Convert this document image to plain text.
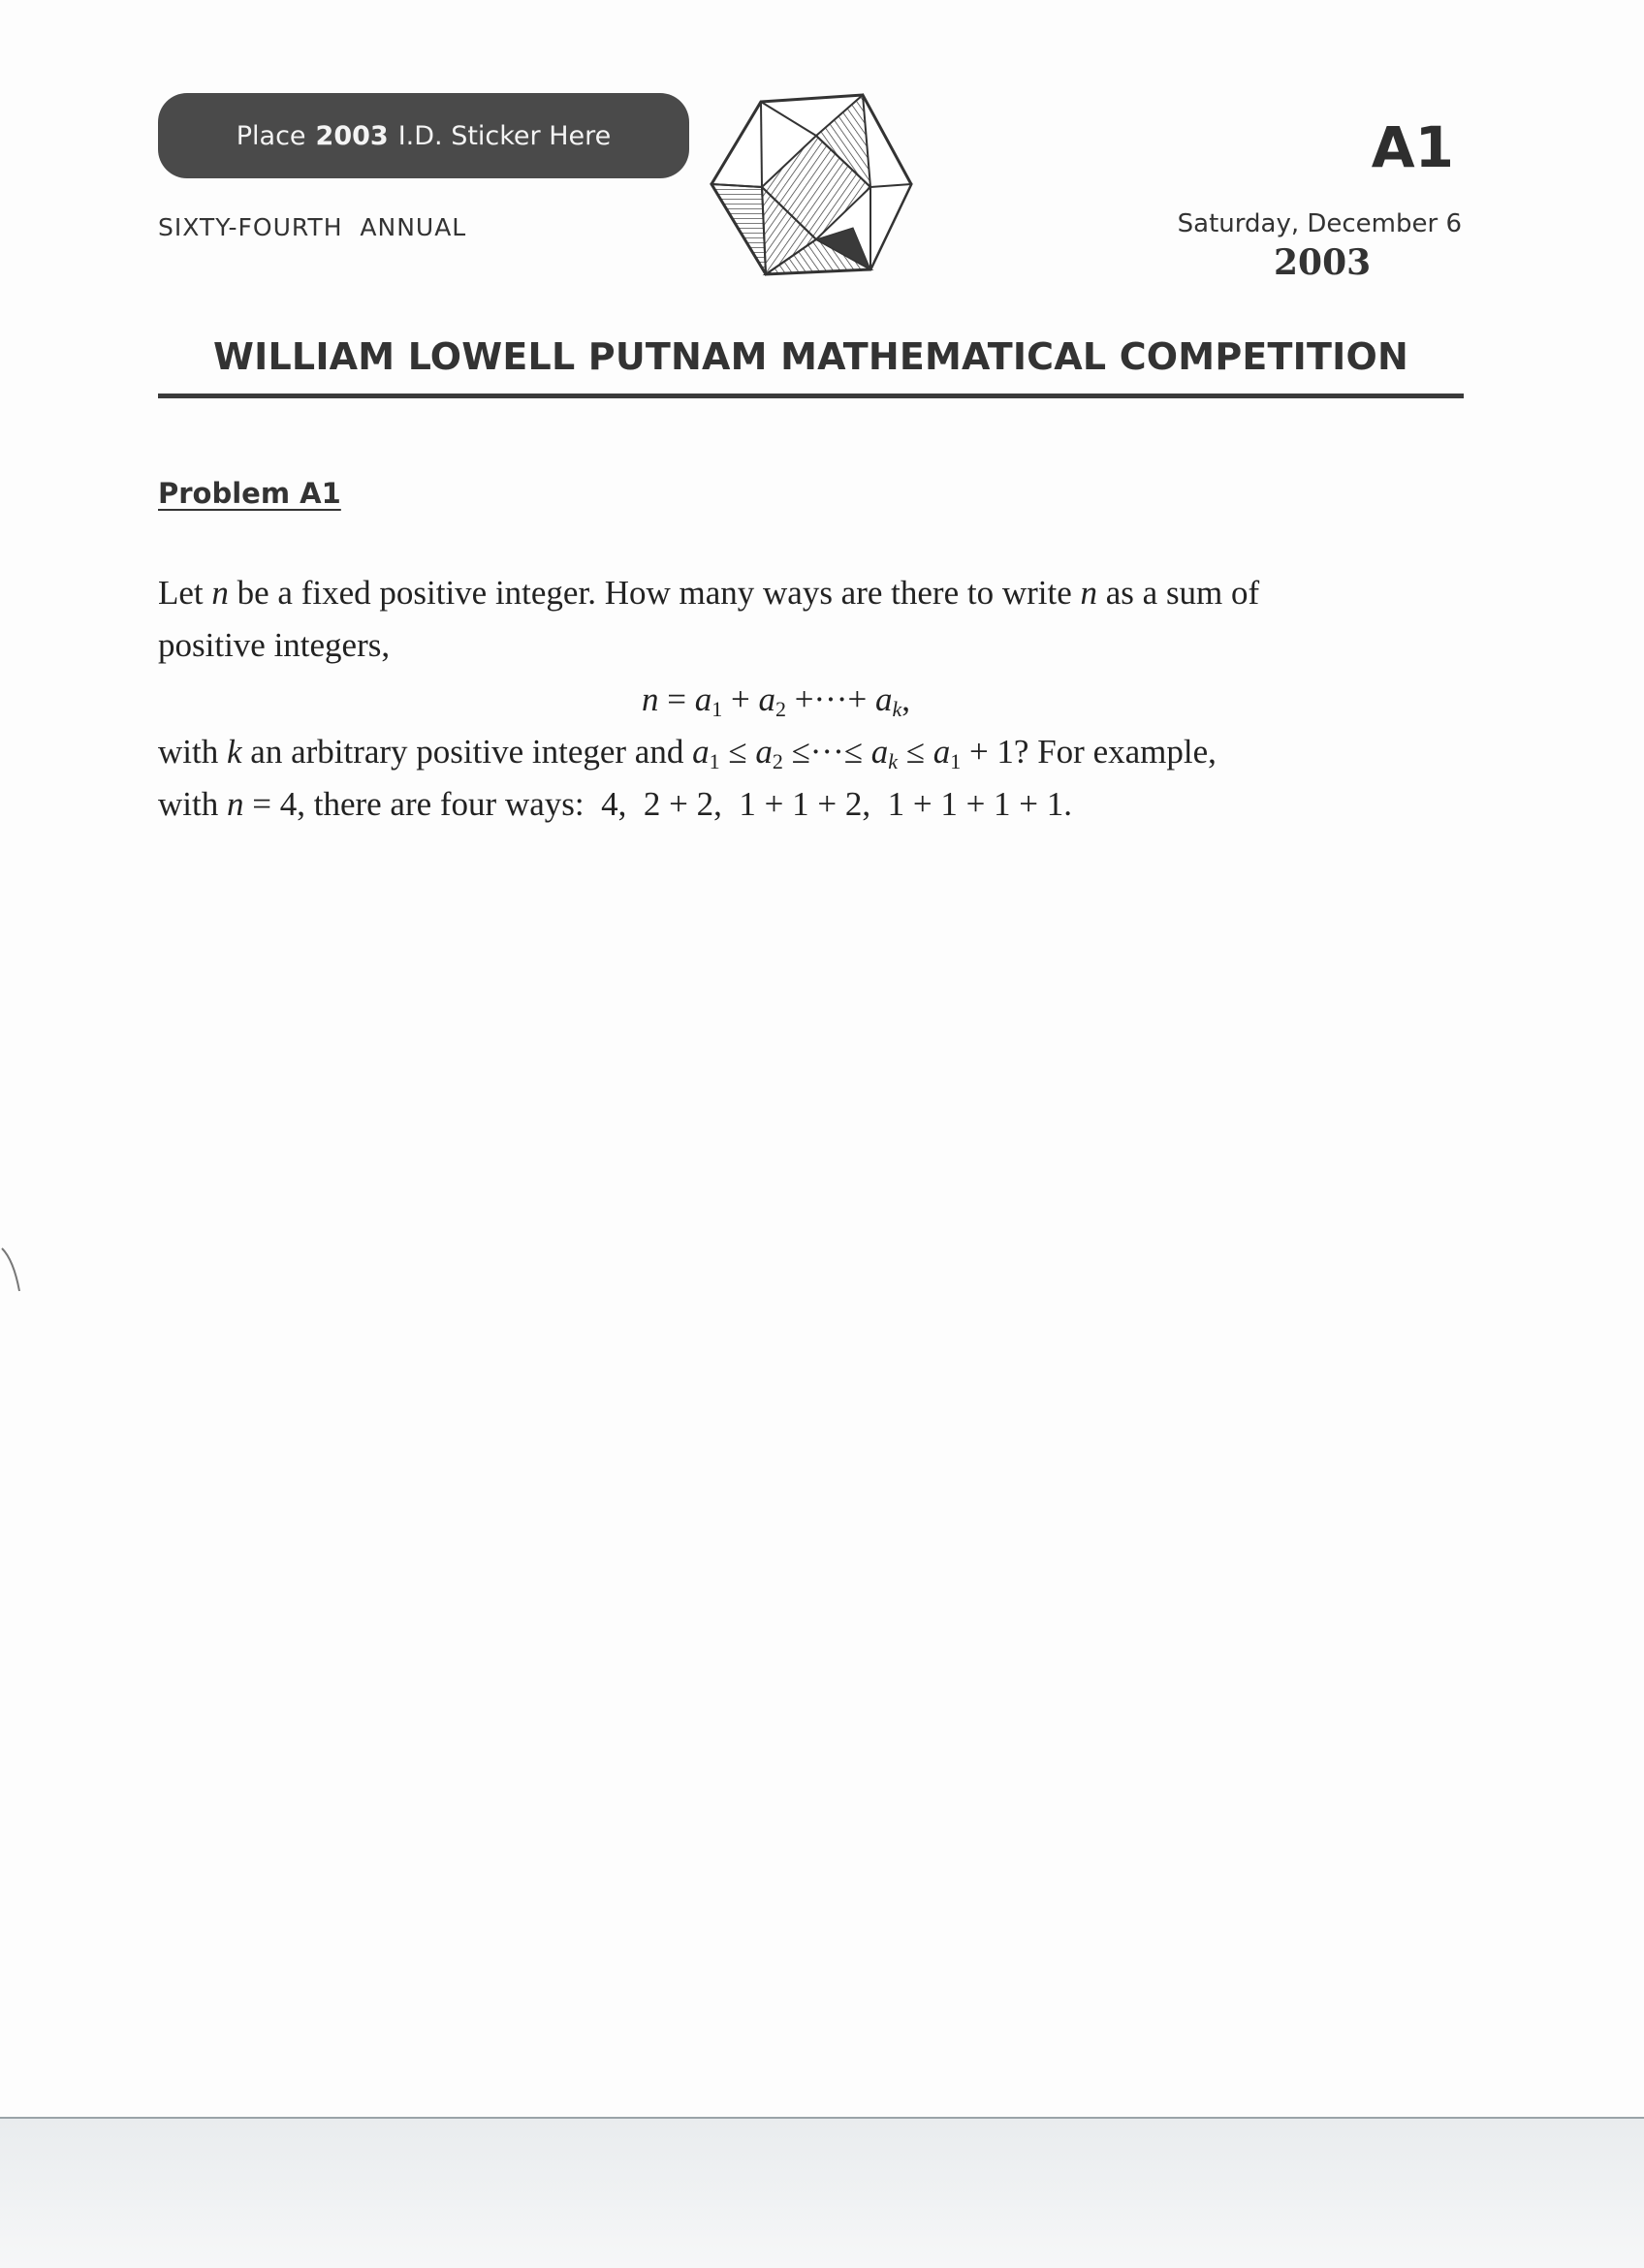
Place 2003 I.D. Sticker Here
SIXTY-FOURTH  ANNUAL
A1
Saturday, December 6
2003
WILLIAM LOWELL PUTNAM MATHEMATICAL COMPETITION
Problem A1
Let n be a fixed positive integer. How many ways are there to write n as a sum of
positive integers,
$n = a_1 + a_2$ +···+ $a_k$,
with k an arbitrary positive integer and $a_1 \le a_2$ ≤···≤ $a_k \le a_1 + 1$? For example,
with n = 4, there are four ways:  4,  2 + 2,  1 + 1 + 2,  1 + 1 + 1 + 1.
